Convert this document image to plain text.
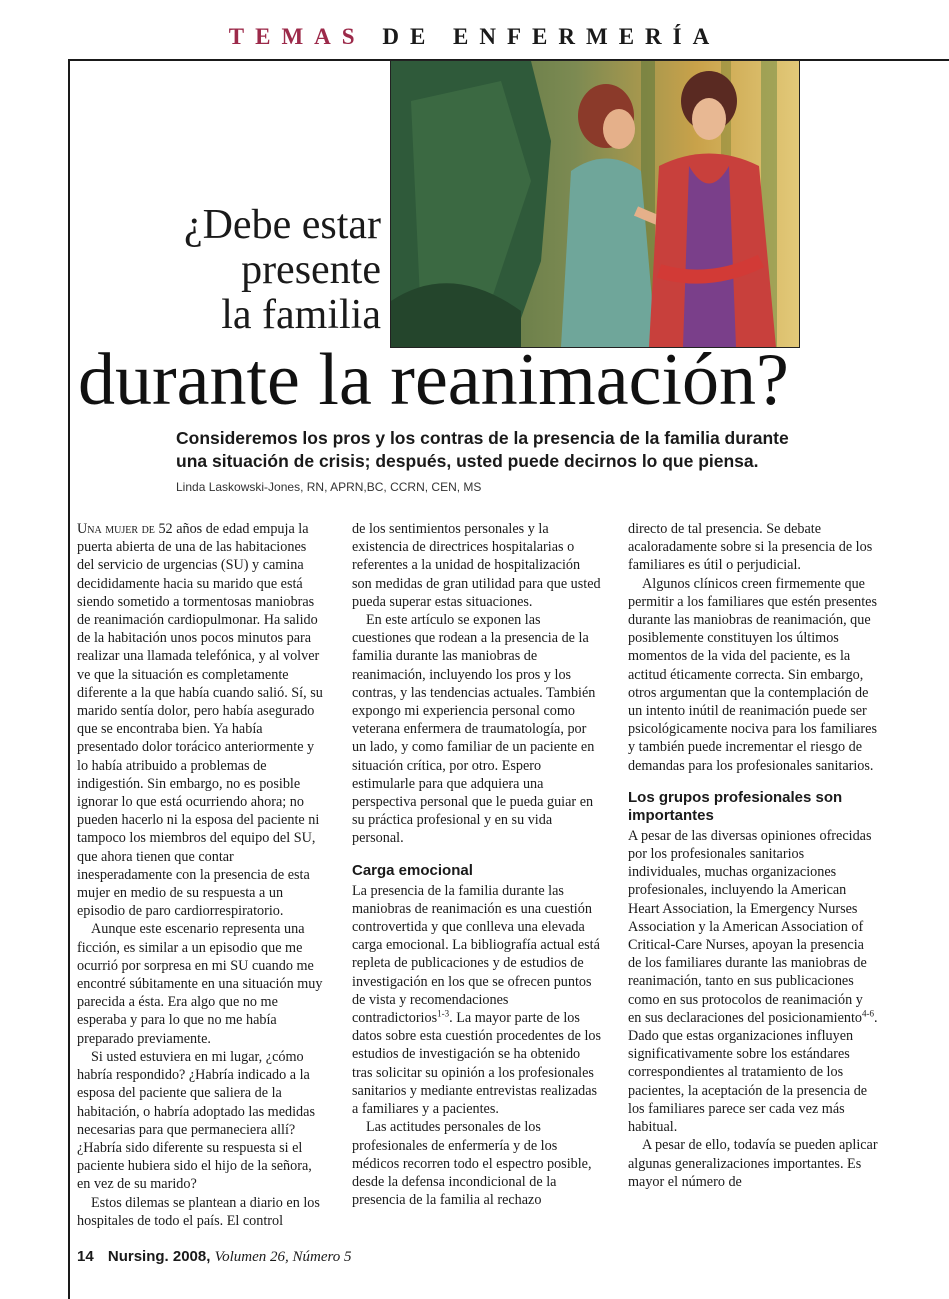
TEMAS DE ENFERMERÍA
¿Debe estar
presente
la familia
durante la reanimación?
Consideremos los pros y los contras de la presencia de la familia durante una situación de crisis; después, usted puede decirnos lo que piensa.
Linda Laskowski-Jones, RN, APRN,BC, CCRN, CEN, MS

Una mujer de 52 años de edad empuja la puerta abierta de una de las habitaciones del servicio de urgencias (SU) y camina decididamente hacia su marido que está siendo sometido a tormentosas maniobras de reanimación cardiopulmonar. Ha salido de la habitación unos pocos minutos para realizar una llamada telefónica, y al volver ve que la situación es completamente diferente a la que había cuando salió. Sí, su marido sentía dolor, pero había asegurado que se encontraba bien. Ya había presentado dolor torácico anteriormente y lo había atribuido a problemas de indigestión. Sin embargo, no es posible ignorar lo que está ocurriendo ahora; no pueden hacerlo ni la esposa del paciente ni tampoco los miembros del equipo del SU, que ahora tienen que contar inesperadamente con la presencia de esta mujer en medio de su respuesta a un episodio de paro cardiorrespiratorio.

Aunque este escenario representa una ficción, es similar a un episodio que me ocurrió por sorpresa en mi SU cuando me encontré súbitamente en una situación muy parecida a ésta. Era algo que no me esperaba y para lo que no me había preparado previamente.

Si usted estuviera en mi lugar, ¿cómo habría respondido? ¿Habría indicado a la esposa del paciente que saliera de la habitación, o habría adoptado las medidas necesarias para que permaneciera allí? ¿Habría sido diferente su respuesta si el paciente hubiera sido el hijo de la señora, en vez de su marido?

Estos dilemas se plantean a diario en los hospitales de todo el país. El control

de los sentimientos personales y la existencia de directrices hospitalarias o referentes a la unidad de hospitalización son medidas de gran utilidad para que usted pueda superar estas situaciones.

En este artículo se exponen las cuestiones que rodean a la presencia de la familia durante las maniobras de reanimación, incluyendo los pros y los contras, y las tendencias actuales. También expongo mi experiencia personal como veterana enfermera de traumatología, por un lado, y como familiar de un paciente en situación crítica, por otro. Espero estimularle para que adquiera una perspectiva personal que le pueda guiar en su práctica profesional y en su vida personal.

Carga emocional

La presencia de la familia durante las maniobras de reanimación es una cuestión controvertida y que conlleva una elevada carga emocional. La bibliografía actual está repleta de publicaciones y de estudios de investigación en los que se ofrecen puntos de vista y recomendaciones contradictorios$^{1-3}$. La mayor parte de los datos sobre esta cuestión procedentes de los estudios de investigación se ha obtenido tras solicitar su opinión a los profesionales sanitarios y mediante entrevistas realizadas a familiares y a pacientes.

Las actitudes personales de los profesionales de enfermería y de los médicos recorren todo el espectro posible, desde la defensa incondicional de la presencia de la familia al rechazo

directo de tal presencia. Se debate acaloradamente sobre si la presencia de los familiares es útil o perjudicial.

Algunos clínicos creen firmemente que permitir a los familiares que estén presentes durante las maniobras de reanimación, que posiblemente constituyen los últimos momentos de la vida del paciente, es la actitud éticamente correcta. Sin embargo, otros argumentan que la contemplación de un intento inútil de reanimación puede ser psicológicamente nociva para los familiares y también puede incrementar el riesgo de demandas para los profesionales sanitarios.

Los grupos profesionales son importantes

A pesar de las diversas opiniones ofrecidas por los profesionales sanitarios individuales, muchas organizaciones profesionales, incluyendo la American Heart Association, la Emergency Nurses Association y la American Association of Critical-Care Nurses, apoyan la presencia de los familiares durante las maniobras de reanimación, tanto en sus publicaciones como en sus protocolos de reanimación y en sus declaraciones del posicionamiento$^{4-6}$. Dado que estas organizaciones influyen significativamente sobre los estándares correspondientes al tratamiento de los pacientes, la aceptación de la presencia de los familiares parece ser cada vez más habitual.

A pesar de ello, todavía se pueden aplicar algunas generalizaciones importantes. Es mayor el número de

14 Nursing. 2008, Volumen 26, Número 5
